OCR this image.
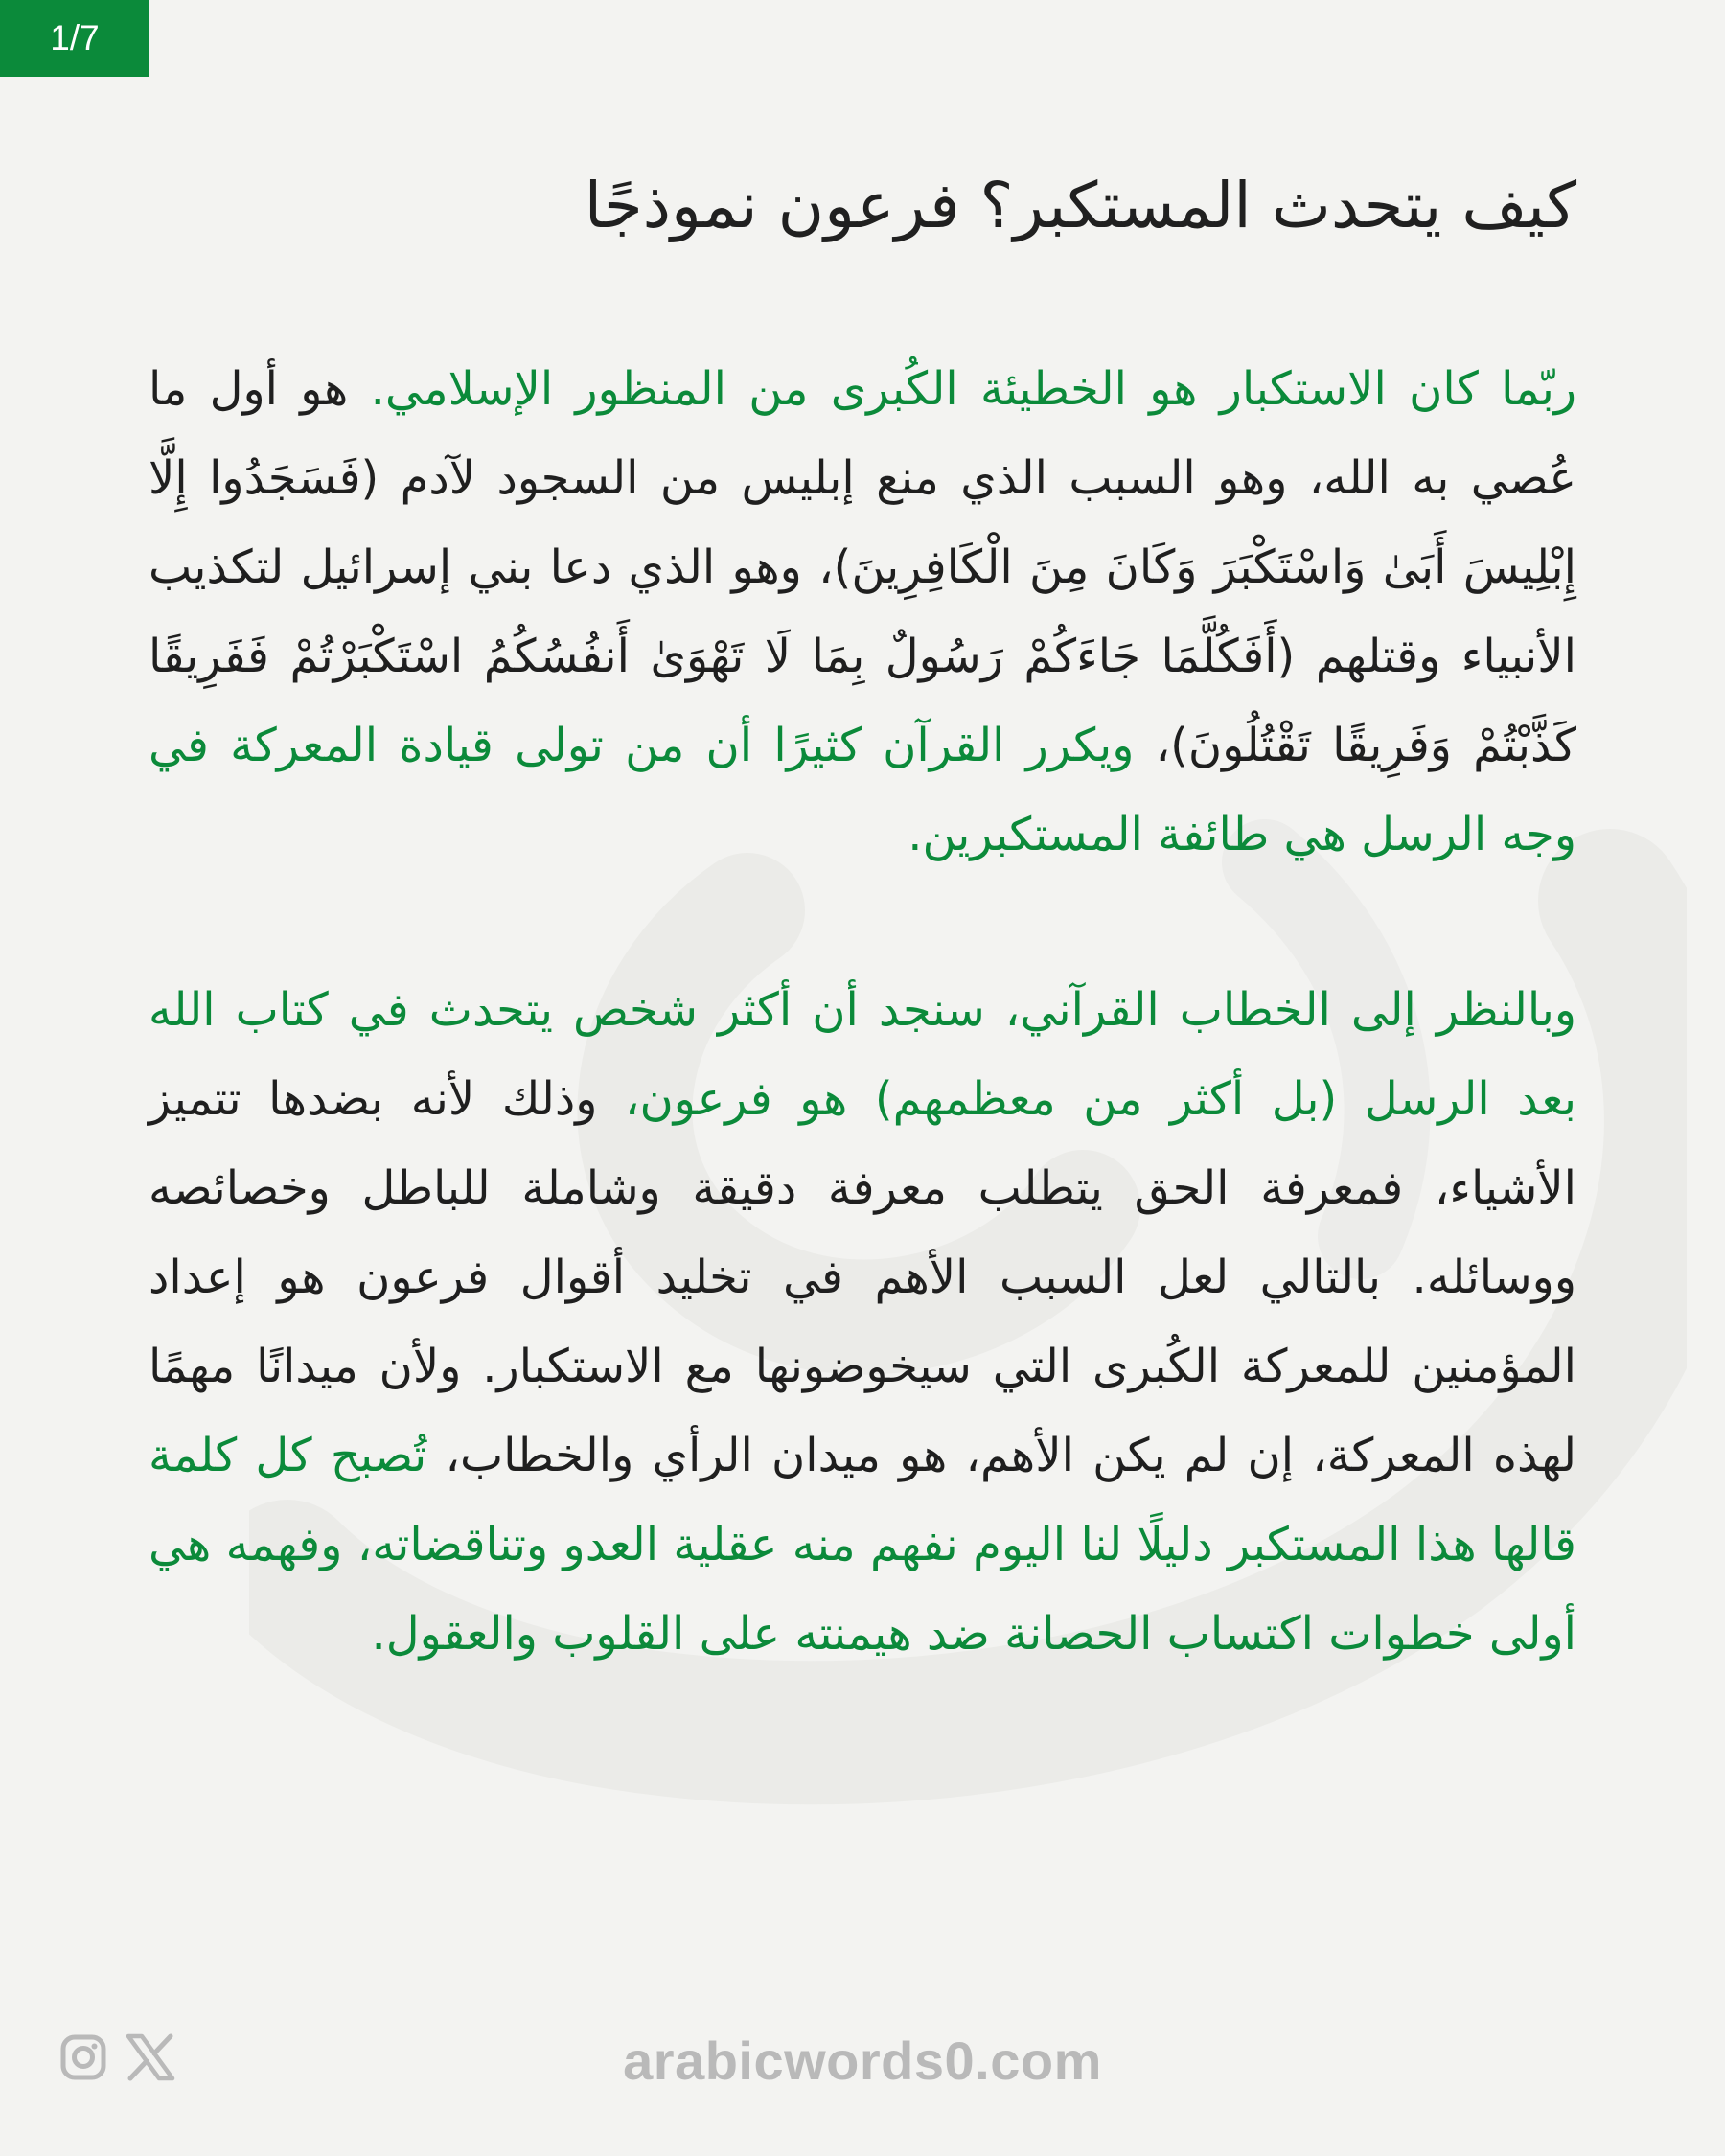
1/7
كيف يتحدث المستكبر؟ فرعون نموذجًا

ربّما كان الاستكبار هو الخطيئة الكُبرى من المنظور الإسلامي. هو أول ما عُصي به الله، وهو السبب الذي منع إبليس من السجود لآدم (فَسَجَدُوا إِلَّا إِبْلِيسَ أَبَىٰ وَاسْتَكْبَرَ وَكَانَ مِنَ الْكَافِرِينَ)، وهو الذي دعا بني إسرائيل لتكذيب الأنبياء وقتلهم (أَفَكُلَّمَا جَاءَكُمْ رَسُولٌ بِمَا لَا تَهْوَىٰ أَنفُسُكُمُ اسْتَكْبَرْتُمْ فَفَرِيقًا كَذَّبْتُمْ وَفَرِيقًا تَقْتُلُونَ)، ويكرر القرآن كثيرًا أن من تولى قيادة المعركة في وجه الرسل هي طائفة المستكبرين.

وبالنظر إلى الخطاب القرآني، سنجد أن أكثر شخص يتحدث في كتاب الله بعد الرسل (بل أكثر من معظمهم) هو فرعون، وذلك لأنه بضدها تتميز الأشياء، فمعرفة الحق يتطلب معرفة دقيقة وشاملة للباطل وخصائصه ووسائله. بالتالي لعل السبب الأهم في تخليد أقوال فرعون هو إعداد المؤمنين للمعركة الكُبرى التي سيخوضونها مع الاستكبار. ولأن ميدانًا مهمًا لهذه المعركة، إن لم يكن الأهم، هو ميدان الرأي والخطاب، تُصبح كل كلمة قالها هذا المستكبر دليلًا لنا اليوم نفهم منه عقلية العدو وتناقضاته، وفهمه هي أولى خطوات اكتساب الحصانة ضد هيمنته على القلوب والعقول.

arabicwords0.com
